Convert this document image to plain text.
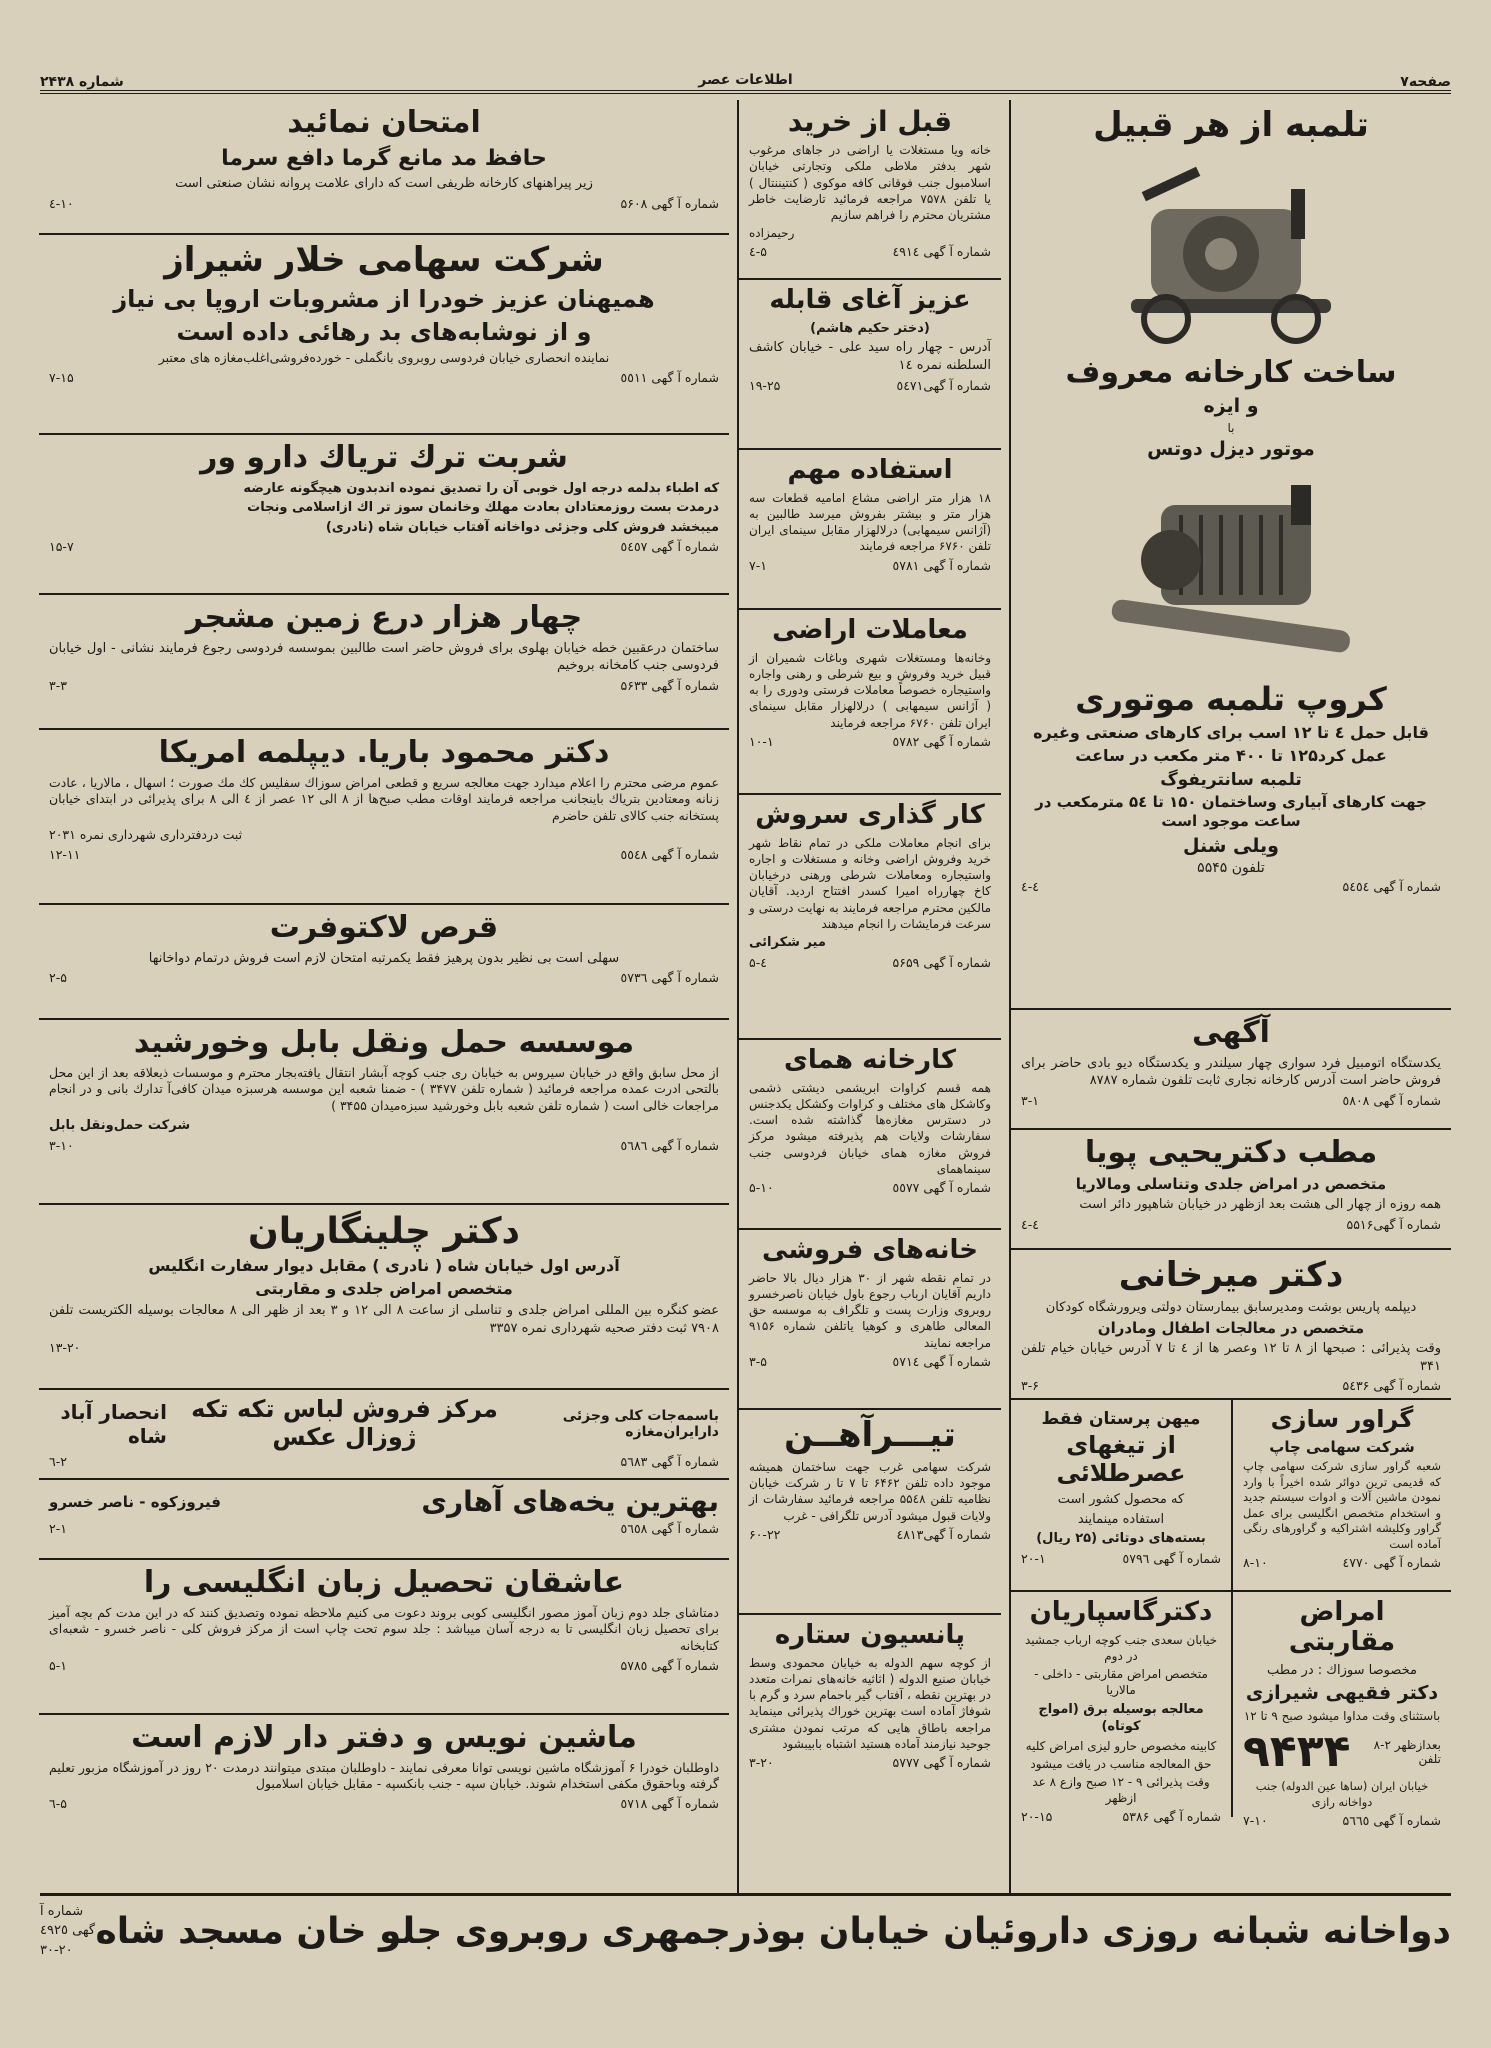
صفحه۷
اطلاعات عصر
شماره ۲۴۳۸
تلمبه از هر قبیل
ساخت کارخانه معروف
و ایزه
با
موتور دیزل دوتس
کروپ تلمبه موتوری
قابل حمل ٤ تا ١٢ اسب برای کارهای صنعتی وغیره
عمل کرد۱۲۵ تا ۴۰۰ متر مکعب در ساعت
تلمبه سانتریفوگ
جهت کارهای آبیاری وساختمان ۱۵۰ تا ۵٤ مترمکعب در ساعت موجود است
ویلی شنل
تلفون ۵۵۴۵
شماره آ گهی ۵٤٥٤
٤-٤
آگهی

یکدستگاه اتومبیل فرد سواری چهار سیلندر و یکدستگاه دیو بادی حاضر برای فروش حاضر است آدرس کارخانه نجاری ثابت تلفون شماره ۸۷۸۷

شماره آ گهی ٥٨٠٨
۳-۱
مطب دکتریحیی پویا
متخصص در امراض جلدی وتناسلی ومالاریا

همه روزه از چهار الی هشت بعد ازظهر در خیابان شاهپور دائر است

شماره آ گهی۵۵۱۶
٤-٤
دکتر میرخانی

دیپلمه پاریس بوشت ومدیرسابق بیمارستان دولتی ویرورشگاه کودکان

متخصص در معالجات اطفال ومادران

وقت پذیرائی : صبحها از ۸ تا ۱۲ وعصر ها از ٤ تا ۷ آدرس خیابان خیام تلفن ۳۴۱

شماره آ گهی ۵٤۳۶
۳-۶
گراور سازی
شرکت سهامی چاپ

شعبه گراور سازی شرکت سهامی چاپ که قدیمی ترین دوائر شده اخیراً با وارد نمودن ماشین آلات و ادوات سیستم جدید و استخدام متخصص انگلیسی برای عمل گراور وکلیشه اشتراکیه و گراورهای رنگی آماده است

شماره آ گهی ٤٧٧٠
۸-۱۰
میهن پرستان فقط
از تیغهای عصرطلائی

که محصول کشور است

استفاده مینمایند

بسته‌های دوتائی (۲۵ ریال)

شماره آ گهی ٥٧٩٦
۲۰-۱
امراض مقاربتی

مخصوصا سوزاك : در مطب

دکتر فقیهی شیرازی

باستثنای وقت مداوا میشود صبح ۹ تا ۱۲

بعدازظهر ۲-۸ تلفن
۹۴۳۴

خیابان ایران (ساها عین الدوله) جنب دواخانه رازی

شماره آ گهی ۵٦٦٥
۷-۱۰
دکترگاسپاریان

خیابان سعدی جنب کوچه ارباب جمشید در دوم

متخصص امراض مقاربتی - داخلی - مالاریا

معالجه بوسیله برق (امواج کوتاه)

کابینه مخصوص حارو لیزی امراض کلیه

حق المعالجه مناسب در یافت میشود

وقت پذیرائی ۹ - ۱۲ صبح وازع ۸ عد ازظهر

شماره آ گهی ۵۳۸۶
۲۰-۱۵
قبل از خرید

خانه ویا مستغلات یا اراضی در جاهای مرغوب شهر بدفتر ملاطی ملکی وتجارتی خیابان اسلامبول جنب فوقانی کافه موکوی ( کنتیننتال ) یا تلفن ۷۵۷۸ مراجعه فرمائید تارضایت خاطر مشتریان محترم را فراهم سازیم

رحیمزاده

شماره آ گهی ٤٩١٤
۵-٤
عزیز آغای قابله

(دختر حکیم هاشم)

آدرس - چهار راه سید علی - خیابان کاشف السلطنه نمره ١٤

شماره آ گهی٥٤٧١
۱۹-۲۵
استفاده مهم

۱۸ هزار متر اراضی مشاع امامیه قطعات سه هزار متر و بیشتر بفروش میرسد طالبین به (آژانس سیمهابی) درلالهزار مقابل سینمای ایران تلفن ۶۷۶۰ مراجعه فرمایند

شماره آ گهی ٥٧٨١
۷-۱
معاملات اراضی

وخانه‌ها ومستغلات شهری وباغات شمیران از قبیل خرید وفروش و بیع شرطی و رهنی واجاره واستیجاره خصوصاً معاملات فرستی ودوری را به ( آژانس سیمهابی ) درلالهزار مقابل سینمای ایران تلفن ۶۷۶۰ مراجعه فرمایند

شماره آ گهی ٥٧٨٢
۱۰-۱
کار گذاری سروش

برای انجام معاملات ملکی در تمام نقاط شهر خرید وفروش اراضی وخانه و مستغلات و اجاره واستیجاره ومعاملات شرطی ورهنی درخیابان کاخ چهارراه امیرا کسدر افتتاح اردید. آقایان مالکین محترم مراجعه فرمایند به نهایت درستی و سرعت فرمایشات را انجام میدهند

میر شکرائی

شماره آ گهی ۵۶۵۹
٤-۵
کارخانه همای

همه قسم کراوات ابریشمی دیشتی ذشمی وکاشکل های مختلف و کراوات وکشکل یکدجنس در دسترس مغازه‌ها گذاشته شده است. سفارشات ولایات هم پذیرفته میشود مرکز فروش مغازه همای خیابان فردوسی جنب سینماهمای

شماره آ گهی ٥٥٧٧
۵-۱۰
خانه‌های فروشی

در تمام نقطه شهر از ۳۰ هزار دیال بالا حاضر داریم آقایان ارباب رجوع باول خیابان ناصرخسرو روبروی وزارت پست و تلگراف به موسسه حق المعالی طاهری و کوهیا یاتلفن شماره ۹۱۵۶ مراجعه نمایند

شماره آ گهی ٥٧١٤
۳-۵
تیـــرآهــن

شرکت سهامی غرب جهت ساختمان همیشه موجود داده تلفن ۶۴۶۲ تا ۷ تا ر شرکت خیابان نظامیه تلفن ۵۵٤۸ مراجعه فرمائید سفارشات از ولایات قبول میشود آدرس تلگرافی - غرب

شماره آ گهی٤٨١٣
۶۰-۲۲
پانسیون ستاره

از کوچه سهم الدوله به خیابان محمودی وسط خیابان صنیع الدوله ( اثاثیه خانه‌های نمرات متعدد در بهترین نقطه ، آفتاب گیر باحمام سرد و گرم با شوفاژ آماده است بهترین خوراك پذیرائی مینماید مراجعه باطاق هایی که مرتب نمودن مشتری جوحید نیازمند آماده هستید اشتباه بابیبشود

شماره آ گهی ۵٧٧٧
۳-۲۰
امتحان نمائید
حافظ مد مانع گرما دافع سرما

زیر پیراهنهای کارخانه ظریفی است که دارای علامت پروانه نشان صنعتی است

شماره آ گهی ۵۶۰۸
۱۰-٤
شرکت سهامی خلار شیراز
همیهنان عزیز خودرا از مشروبات اروپا بی نیاز
و از نوشابه‌های بد رهائی داده است

نماینده انحصاری خیابان فردوسی روبروی بانگملی - خورده‌فروشی‌اغلب‌مغازه های معتبر

شماره آ گهی ٥٥١١
۷-۱۵
شربت ترك تریاك دارو ور

که اطباء بدلمه درجه اول خوبی آن را تصدیق نموده اندبدون هیچگونه عارضه

درمدت بست روزمعتادان بعادت مهلك وخانمان سوز تر اك ازاسلامی ونجات

میبخشد فروش کلی وجزئی دواخانه آفتاب خیابان شاه (نادری)

شماره آ گهی ٥٤٥٧
۱۵-۷
چهار هزار درع زمین مشجر

ساختمان درعقبین خطه خیابان بهلوی برای فروش حاضر است طالبین بموسسه فردوسی رجوع فرمایند نشانی - اول خیابان فردوسی جنب کامخانه بروخیم

شماره آ گهی ۵۶۳۳
۳-۳
دکتر محمود باریا. دیپلمه امریکا

عموم مرضی محترم را اعلام میدارد جهت معالجه سریع و قطعی امراض سوزاك سفلیس کك مك صورت ؛ اسهال ، مالاریا ، عادت زنانه ومعتادین بتریاك باینجانب مراجعه فرمایند اوقات مطب صبح‌ها از ۸ الی ۱۲ عصر از ٤ الی ۸ برای پذیرائی در ابتدای خیابان پستخانه جنب کالای تلفن حاضرم

ثبت دردفترداری شهرداری نمره ۲۰۳۱

شماره آ گهی ٥٥٤٨
۱۲-۱۱
قرص لاکتوفرت

سهلی است بی نظیر بدون پرهیز فقط یکمرتبه امتحان لازم است فروش درتمام دواخانها

شماره آ گهی ٥٧٣٦
۲-۵
موسسه حمل ونقل بابل وخورشید

از محل سابق واقع در خیابان سیروس به خیابان ری جنب کوچه آبشار انتقال یافته‌بجار محترم و موسسات ذیعلاقه بعد از این محل بالتحی ادرت عمده مراجعه فرمائید ( شماره تلفن ۳۴۷۷ ) - ضمنا شعبه این موسسه هرسبزه میدان کافی‌آ تدارك بانی و در انجام مراجعات خالی است ( شماره تلفن شعبه بابل وخورشید سبزه‌میدان ۳۴۵۵ )

شرکت حمل‌ونقل بابل

شماره آ گهی ٥٦٨٦
۳-۱۰
دکتر چلینگاریان
آدرس اول خیابان شاه ( نادری ) مقابل دیوار سفارت انگلیس
متخصص امراض جلدی و مقاربتی

عضو کنگره بین المللی امراض جلدی و تناسلی از ساعت ۸ الی ۱۲ و ۳ بعد از ظهر الی ۸ معالجات بوسیله الکتریست تلفن ۷۹۰۸ ثبت دفتر صحیه شهرداری نمره ۳۳۵۷

۱۳-۲۰
باسمه‌جات کلی وجزئی دارایران‌مغازه
مرکز فروش لباس تکه تکه ژوزال عکس
انحصار آباد شاه
شماره آ گهی ۵٦۸۳
۲-٦
بهترین یخه‌های آهاری
فیروزکوه - ناصر خسرو
شماره آ گهی ٥٦٥٨
۲-۱
عاشقان تحصیل زبان انگلیسی را

دمتاشای جلد دوم زبان آموز مصور انگلیسی کوبی بروند دعوت می کنیم ملاحظه نموده وتصدیق کنند که در این مدت کم بچه آمیز برای تحصیل زبان انگلیسی تا به درجه آسان میباشد : جلد سوم تحت چاپ است از مرکز فروش کلی - ناصر خسرو - شعبه‌ای کتابخانه

شماره آ گهی ۵٧٨٥
۵-۱
ماشین نویس و دفتر دار لازم است

داوطلبان خودرا ۶ آموزشگاه ماشین نویسی توانا معرفی نمایند - داوطلبان مبتدی میتوانند درمدت ۲۰ روز در آموزشگاه مزبور تعلیم گرفته وباحقوق مکفی استخدام شوند. خیابان سپه - جنب بانکسپه - مقابل خیابان اسلامبول

شماره آ گهی ٥٧١٨
۵-٦
دواخانه شبانه روزی داروئیان خیابان بوذرجمهری روبروی جلو خان مسجد شاه
شماره آ گهی ٤٩٢٥
۳۰-۲۰
